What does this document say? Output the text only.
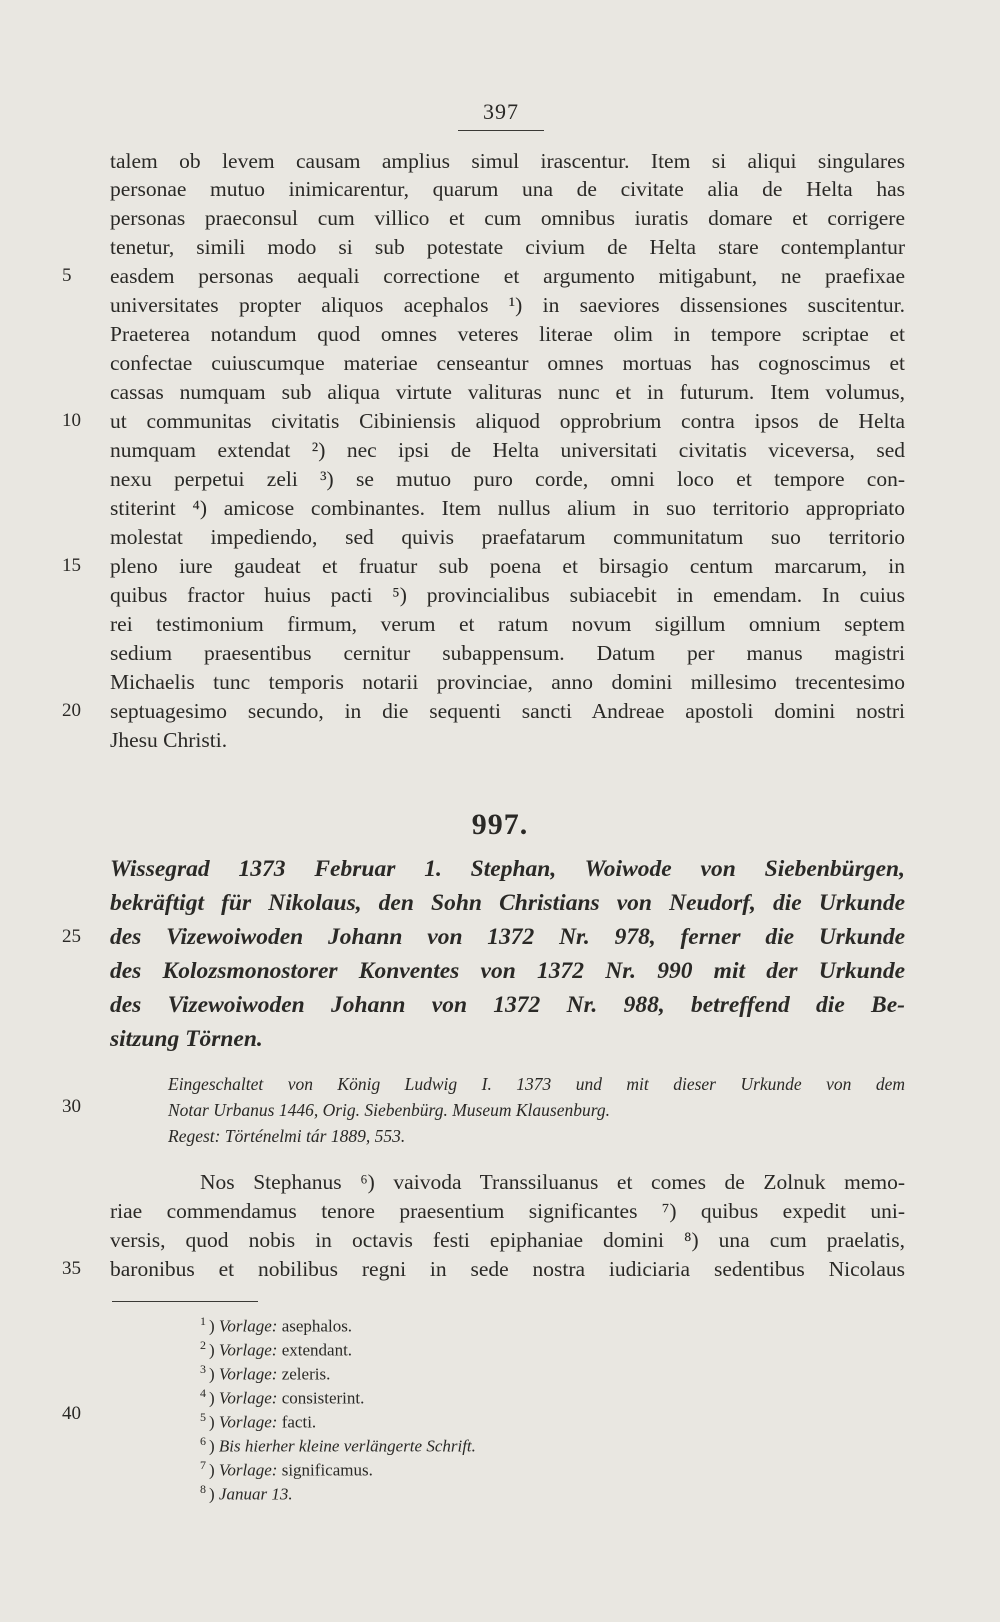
397
talem ob levem causam amplius simul irascentur. Item si aliqui singulares
personae mutuo inimicarentur, quarum una de civitate alia de Helta has
personas praeconsul cum villico et cum omnibus iuratis domare et corrigere
tenetur, simili modo si sub potestate civium de Helta stare contemplantur
easdem personas aequali correctione et argumento mitigabunt, ne praefixae
universitates propter aliquos acephalos ¹) in saeviores dissensiones suscitentur.
Praeterea notandum quod omnes veteres literae olim in tempore scriptae et
confectae cuiuscumque materiae censeantur omnes mortuas has cognoscimus et
cassas numquam sub aliqua virtute valituras nunc et in futurum. Item volumus,
ut communitas civitatis Cibiniensis aliquod opprobrium contra ipsos de Helta
numquam extendat ²) nec ipsi de Helta universitati civitatis viceversa, sed
nexu perpetui zeli ³) se mutuo puro corde, omni loco et tempore con-
stiterint ⁴) amicose combinantes. Item nullus alium in suo territorio appropriato
molestat impediendo, sed quivis praefatarum communitatum suo territorio
pleno iure gaudeat et fruatur sub poena et birsagio centum marcarum, in
quibus fractor huius pacti ⁵) provincialibus subiacebit in emendam. In cuius
rei testimonium firmum, verum et ratum novum sigillum omnium septem
sedium praesentibus cernitur subappensum. Datum per manus magistri
Michaelis tunc temporis notarii provinciae, anno domini millesimo trecentesimo
septuagesimo secundo, in die sequenti sancti Andreae apostoli domini nostri
Jhesu Christi.
997.
Wissegrad 1373 Februar 1. Stephan, Woiwode von Siebenbürgen,
bekräftigt für Nikolaus, den Sohn Christians von Neudorf, die Urkunde
des Vizewoiwoden Johann von 1372 Nr. 978, ferner die Urkunde
des Kolozsmonostorer Konventes von 1372 Nr. 990 mit der Urkunde
des Vizewoiwoden Johann von 1372 Nr. 988, betreffend die Be-
sitzung Törnen.
Eingeschaltet von König Ludwig I. 1373 und mit dieser Urkunde von dem
Notar Urbanus 1446, Orig. Siebenbürg. Museum Klausenburg.
Regest: Történelmi tár 1889, 553.
Nos Stephanus ⁶) vaivoda Transsiluanus et comes de Zolnuk memo-
riae commendamus tenore praesentium significantes ⁷) quibus expedit uni-
versis, quod nobis in octavis festi epiphaniae domini ⁸) una cum praelatis,
baronibus et nobilibus regni in sede nostra iudiciaria sedentibus Nicolaus
5
10
15
20
25
30
35
40
$^1$ ) Vorlage: asephalos.
$^2$ ) Vorlage: extendant.
$^3$ ) Vorlage: zeleris.
$^4$ ) Vorlage: consisterint.
$^5$ ) Vorlage: facti.
$^6$ ) Bis hierher kleine verlängerte Schrift.
$^7$ ) Vorlage: significamus.
$^8$ ) Januar 13.
